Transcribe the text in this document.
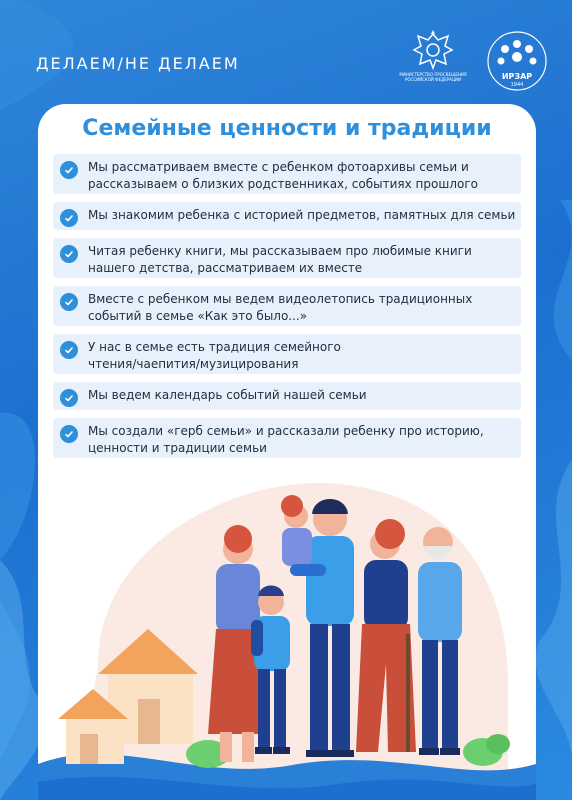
ДЕЛАЕМ/НЕ ДЕЛАЕМ
МИНИСТЕРСТВО ПРОСВЕЩЕНИЯ РОССИЙСКОЙ ФЕДЕРАЦИИ	ИРЗАР
1944
Семейные ценности и традиции
Мы рассматриваем вместе с ребенком фотоархивы семьи и рассказываем о близких родственниках, событиях прошлого
Мы знакомим ребенка с историей предметов, памятных для семьи
Читая ребенку книги, мы рассказываем про любимые книги нашего детства, рассматриваем их вместе
Вместе с ребенком мы ведем видеолетопись традиционных событий в семье «Как это было...»
У нас в семье есть традиция семейного чтения/чаепития/музицирования
Мы ведем календарь событий нашей семьи
Мы создали «герб семьи» и рассказали ребенку про историю, ценности и традиции семьи
